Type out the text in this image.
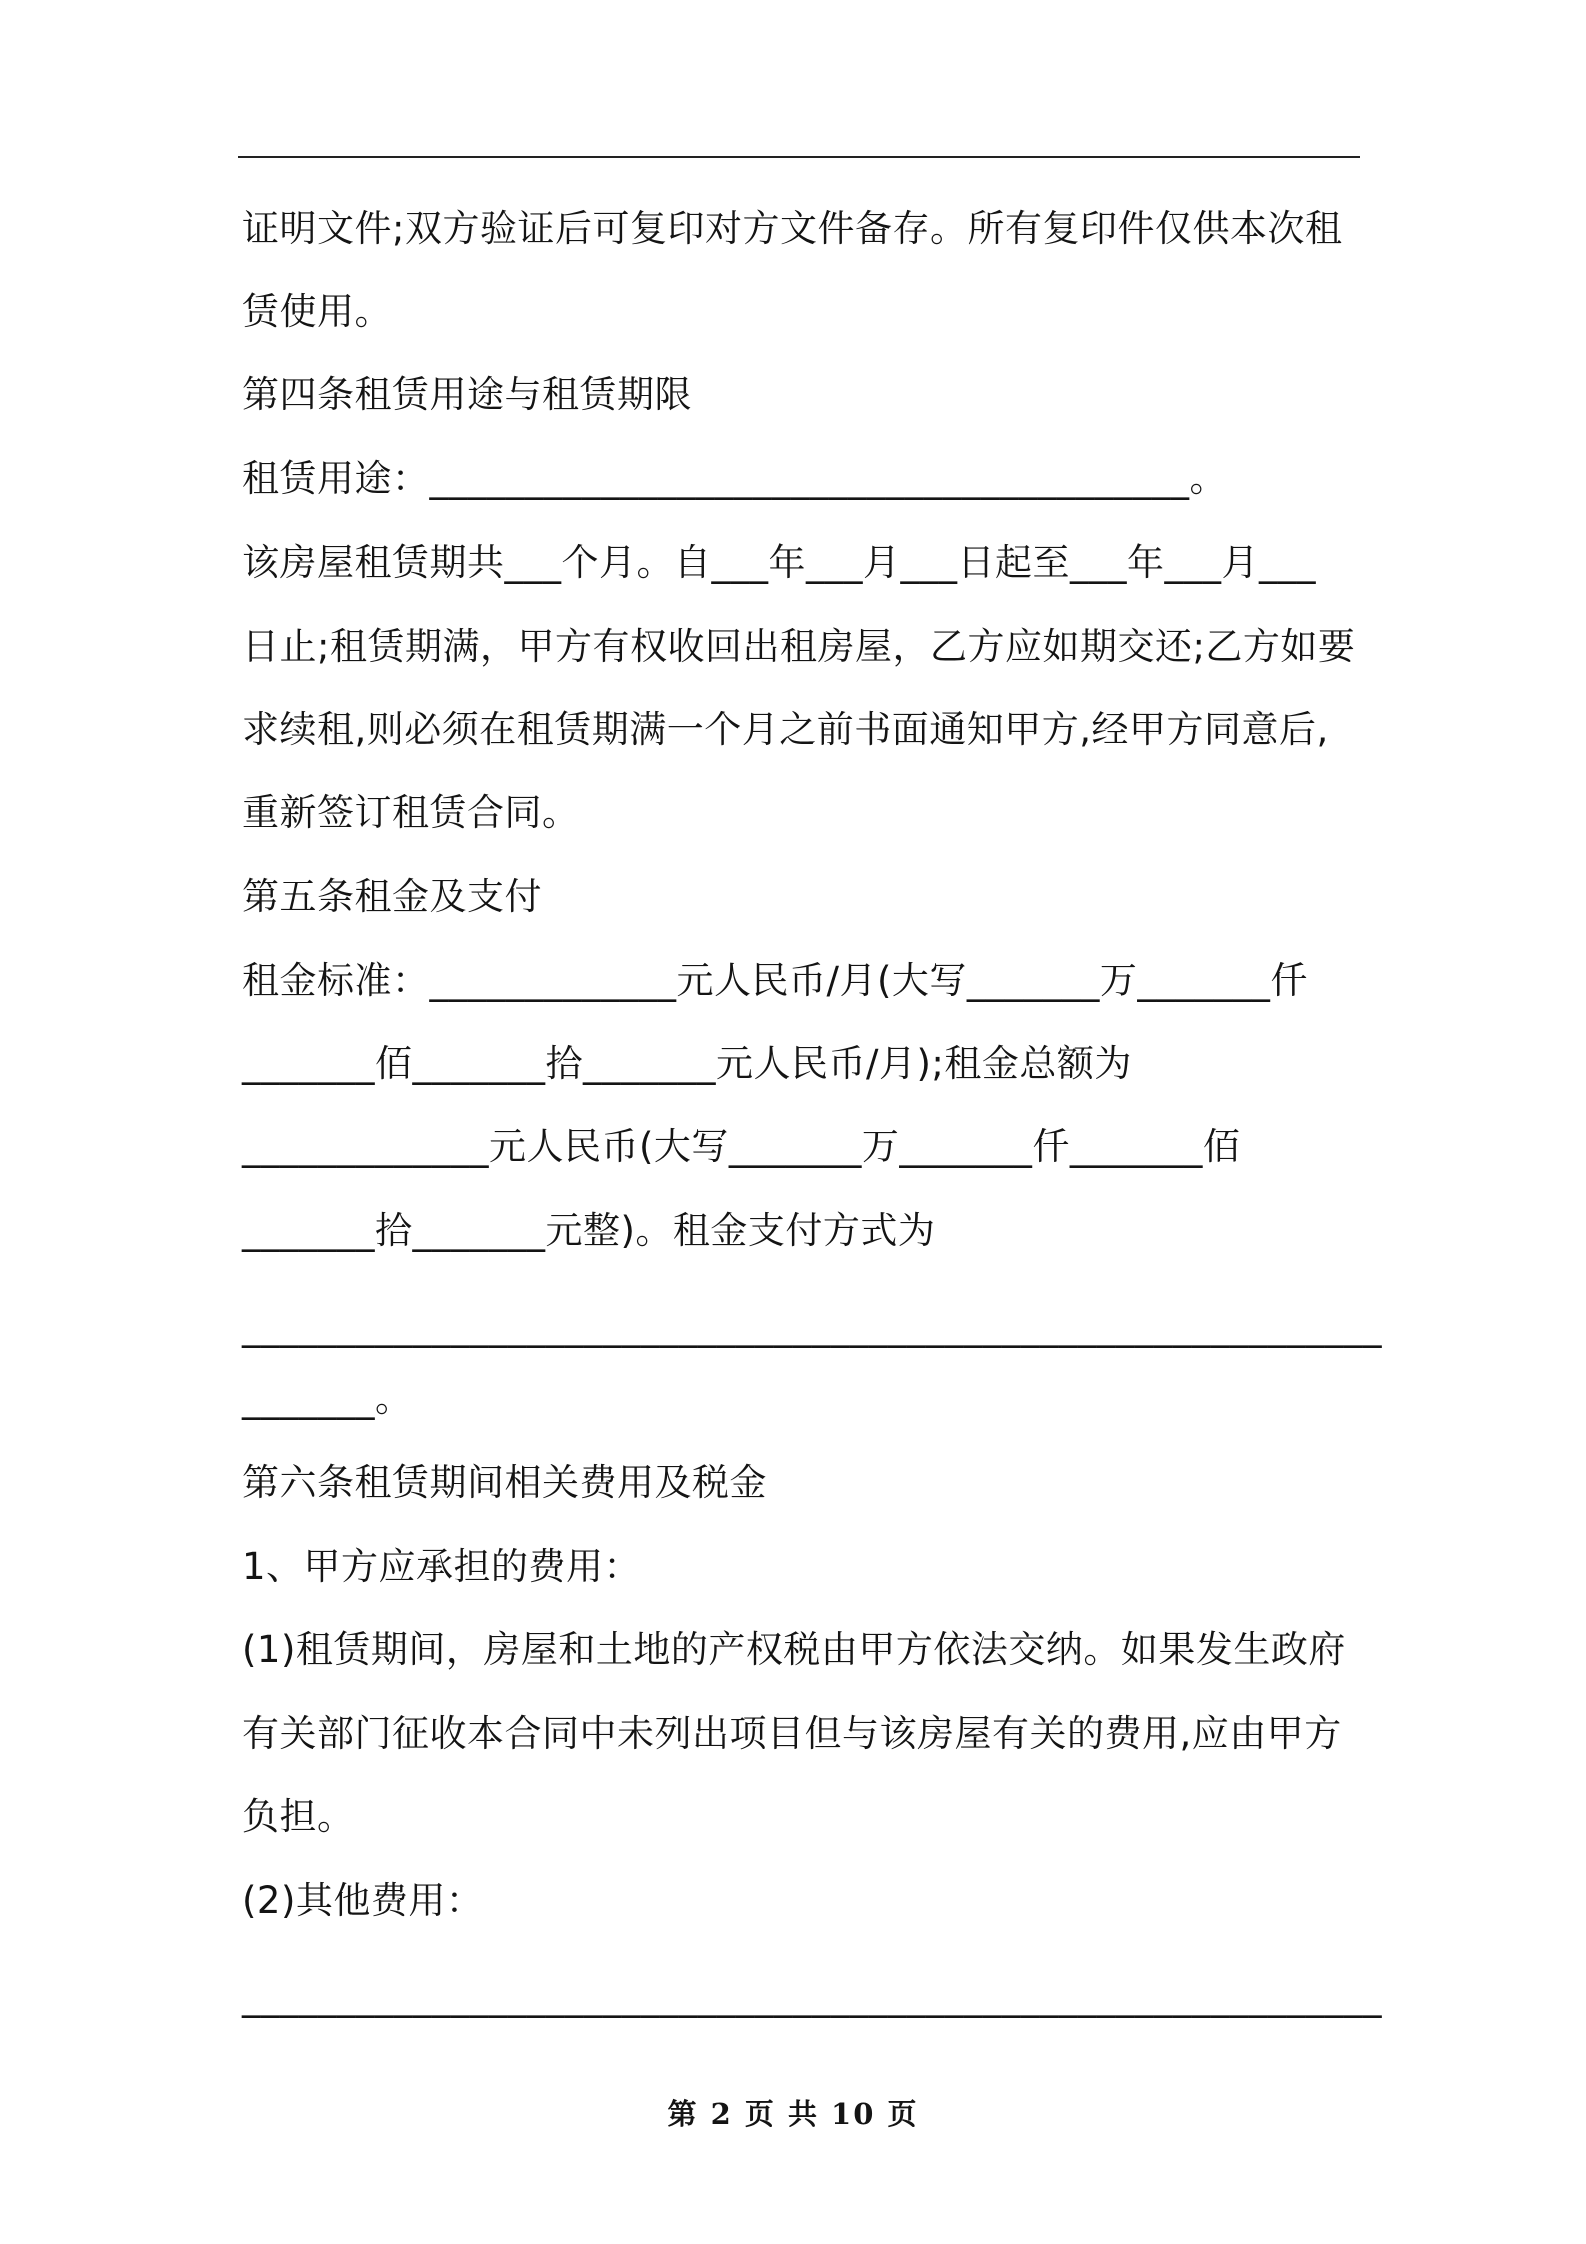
证明文件;双方验证后可复印对方文件备存。所有复印件仅供本次租

赁使用。

第四条租赁用途与租赁期限

租赁用途：________________________________________。

该房屋租赁期共___个月。自___年___月___日起至___年___月___

日止;租赁期满，甲方有权收回出租房屋，乙方应如期交还;乙方如要

求续租,则必须在租赁期满一个月之前书面通知甲方,经甲方同意后,

重新签订租赁合同。

第五条租金及支付

租金标准：_____________元人民币/月(大写_______万_______仟

_______佰_______拾_______元人民币/月);租金总额为

_____________元人民币(大写_______万_______仟_______佰

_______拾_______元整)。租金支付方式为

____________________________________________________________

_______。

第六条租赁期间相关费用及税金

1、甲方应承担的费用：

(1)租赁期间，房屋和土地的产权税由甲方依法交纳。如果发生政府

有关部门征收本合同中未列出项目但与该房屋有关的费用,应由甲方

负担。

(2)其他费用：

____________________________________________________________

第 2 页 共 10 页
